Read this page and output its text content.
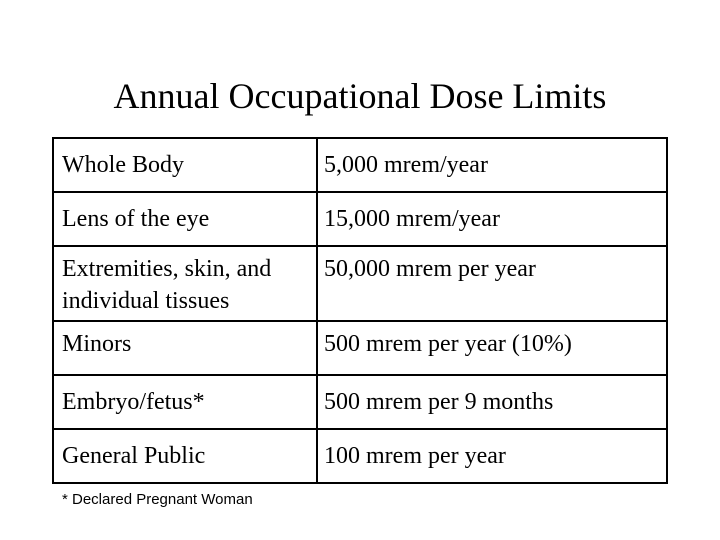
Annual Occupational Dose Limits
Whole Body	5,000 mrem/year
Lens of the eye	15,000 mrem/year
Extremities, skin, and individual tissues	50,000 mrem per year
Minors	500 mrem per year (10%)
Embryo/fetus*	500 mrem per 9 months
General Public	100 mrem per year
* Declared Pregnant Woman
